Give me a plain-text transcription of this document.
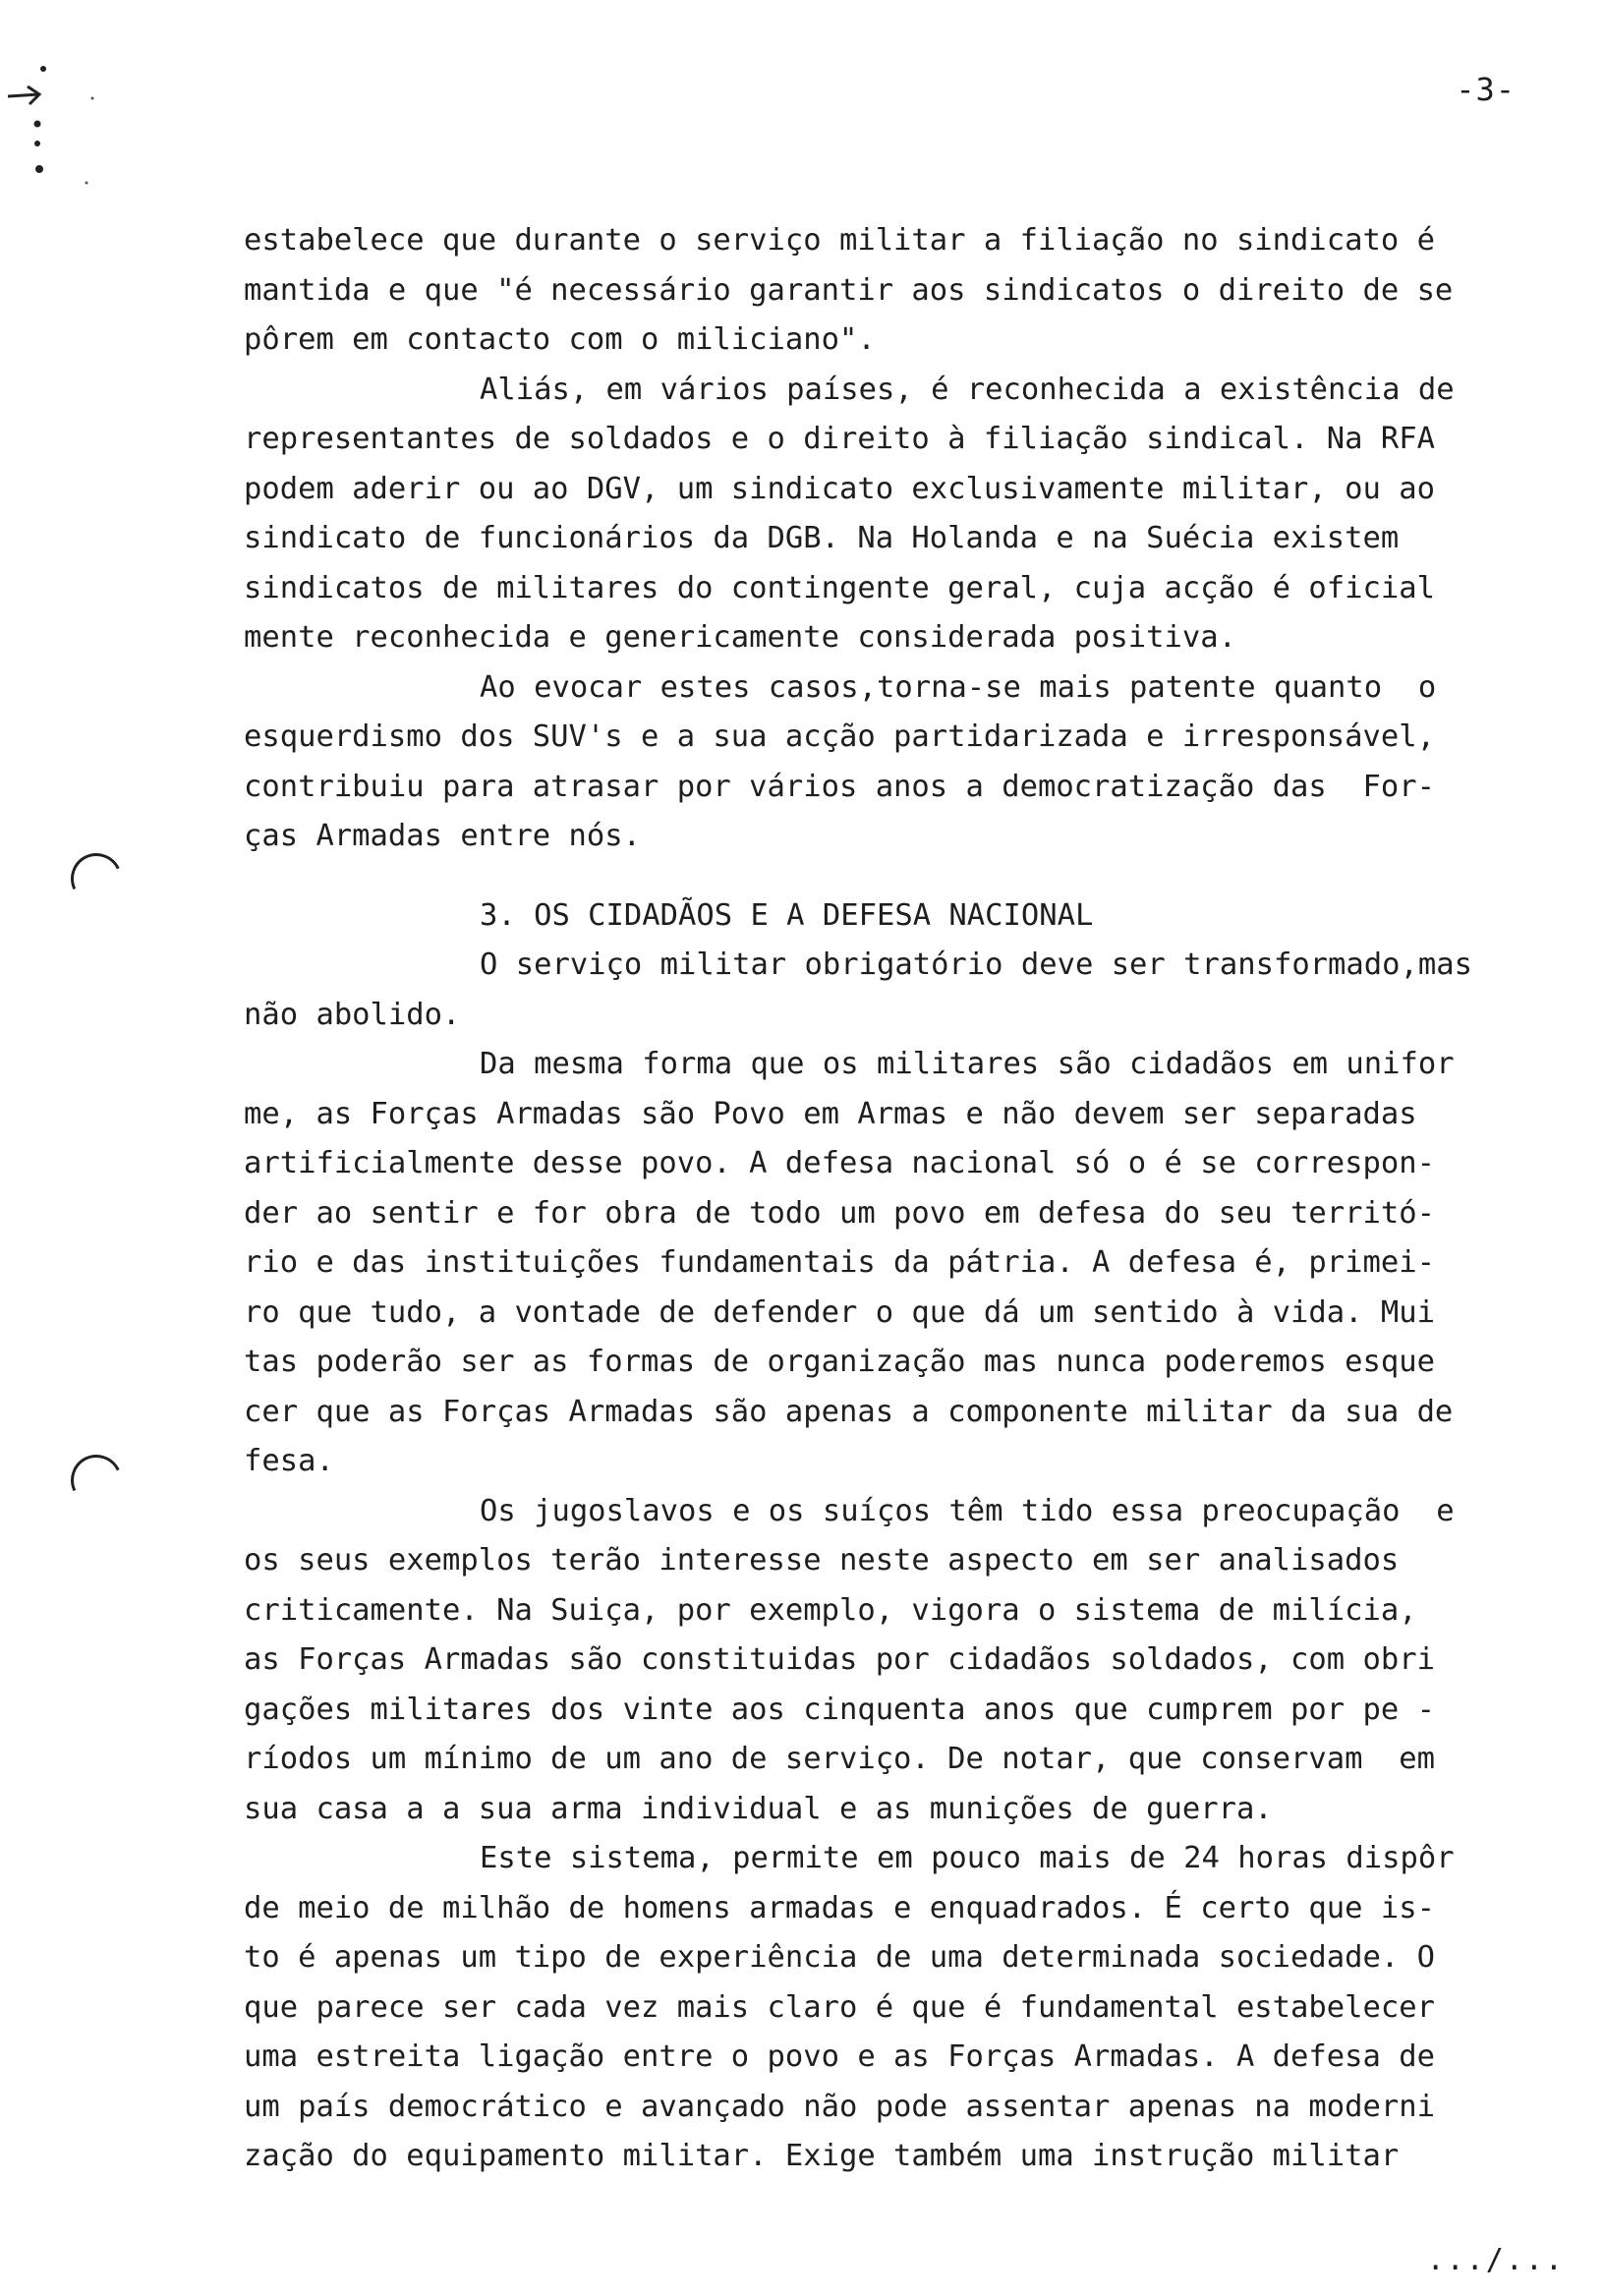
-3-
estabelece que durante o serviço militar a filiação no sindicato é
mantida e que "é necessário garantir aos sindicatos o direito de se
pôrem em contacto com o miliciano".
Aliás, em vários países, é reconhecida a existência de
representantes de soldados e o direito à filiação sindical. Na RFA
podem aderir ou ao DGV, um sindicato exclusivamente militar, ou ao
sindicato de funcionários da DGB. Na Holanda e na Suécia existem
sindicatos de militares do contingente geral, cuja acção é oficial
mente reconhecida e genericamente considerada positiva.
Ao evocar estes casos,torna-se mais patente quanto  o
esquerdismo dos SUV's e a sua acção partidarizada e irresponsável,
contribuiu para atrasar por vários anos a democratização das  For-
ças Armadas entre nós.
3. OS CIDADÃOS E A DEFESA NACIONAL
O serviço militar obrigatório deve ser transformado,mas
não abolido.
Da mesma forma que os militares são cidadãos em unifor
me, as Forças Armadas são Povo em Armas e não devem ser separadas
artificialmente desse povo. A defesa nacional só o é se correspon-
der ao sentir e for obra de todo um povo em defesa do seu territó-
rio e das instituições fundamentais da pátria. A defesa é, primei-
ro que tudo, a vontade de defender o que dá um sentido à vida. Mui
tas poderão ser as formas de organização mas nunca poderemos esque
cer que as Forças Armadas são apenas a componente militar da sua de
fesa.
Os jugoslavos e os suíços têm tido essa preocupação  e
os seus exemplos terão interesse neste aspecto em ser analisados
criticamente. Na Suiça, por exemplo, vigora o sistema de milícia,
as Forças Armadas são constituidas por cidadãos soldados, com obri
gações militares dos vinte aos cinquenta anos que cumprem por pe -
ríodos um mínimo de um ano de serviço. De notar, que conservam  em
sua casa a a sua arma individual e as munições de guerra.
Este sistema, permite em pouco mais de 24 horas dispôr
de meio de milhão de homens armadas e enquadrados. É certo que is-
to é apenas um tipo de experiência de uma determinada sociedade. O
que parece ser cada vez mais claro é que é fundamental estabelecer
uma estreita ligação entre o povo e as Forças Armadas. A defesa de
um país democrático e avançado não pode assentar apenas na moderni
zação do equipamento militar. Exige também uma instrução militar
.../...
